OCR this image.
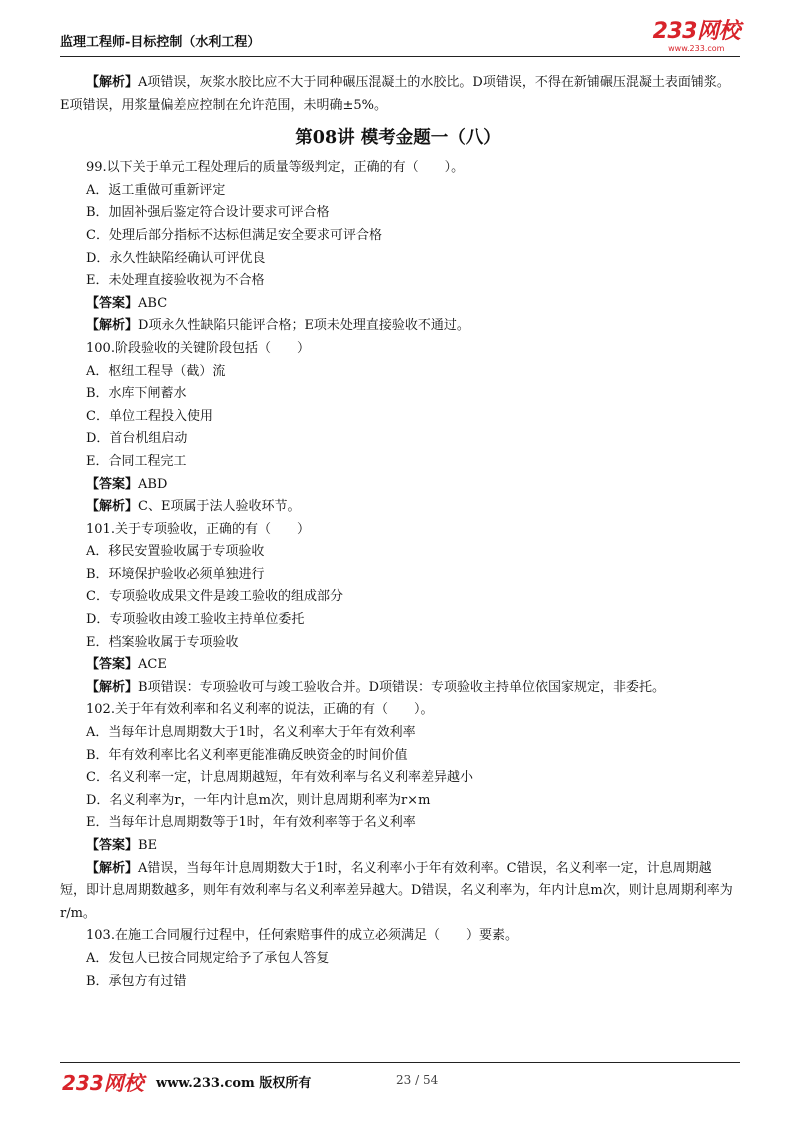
监理工程师-目标控制（水利工程）	233网校
www.233.com

【解析】A项错误，灰浆水胶比应不大于同种碾压混凝土的水胶比。D项错误，不得在新铺碾压混凝土表面铺浆。E项错误，用浆量偏差应控制在允许范围，未明确±5%。

第08讲 模考金题一（八）

99.以下关于单元工程处理后的质量等级判定，正确的有（　　）。

A．返工重做可重新评定

B．加固补强后鉴定符合设计要求可评合格

C．处理后部分指标不达标但满足安全要求可评合格

D．永久性缺陷经确认可评优良

E．未处理直接验收视为不合格

【答案】ABC

【解析】D项永久性缺陷只能评合格；E项未处理直接验收不通过。

100.阶段验收的关键阶段包括（　　）

A．枢纽工程导（截）流

B．水库下闸蓄水

C．单位工程投入使用

D．首台机组启动

E．合同工程完工

【答案】ABD

【解析】C、E项属于法人验收环节。

101.关于专项验收，正确的有（　　）

A．移民安置验收属于专项验收

B．环境保护验收必须单独进行

C．专项验收成果文件是竣工验收的组成部分

D．专项验收由竣工验收主持单位委托

E．档案验收属于专项验收

【答案】ACE

【解析】B项错误：专项验收可与竣工验收合并。D项错误：专项验收主持单位依国家规定，非委托。

102.关于年有效利率和名义利率的说法，正确的有（　　）。

A．当每年计息周期数大于1时，名义利率大于年有效利率

B．年有效利率比名义利率更能准确反映资金的时间价值

C．名义利率一定，计息周期越短，年有效利率与名义利率差异越小

D．名义利率为r，一年内计息m次，则计息周期利率为r×m

E．当每年计息周期数等于1时，年有效利率等于名义利率

【答案】BE

【解析】A错误，当每年计息周期数大于1时，名义利率小于年有效利率。C错误，名义利率一定，计息周期越短，即计息周期数越多，则年有效利率与名义利率差异越大。D错误，名义利率为，年内计息m次，则计息周期利率为r/m。

103.在施工合同履行过程中，任何索赔事件的成立必须满足（　　）要素。

A．发包人已按合同规定给予了承包人答复

B．承包方有过错

233网校 www.233.com 版权所有	23 / 54
